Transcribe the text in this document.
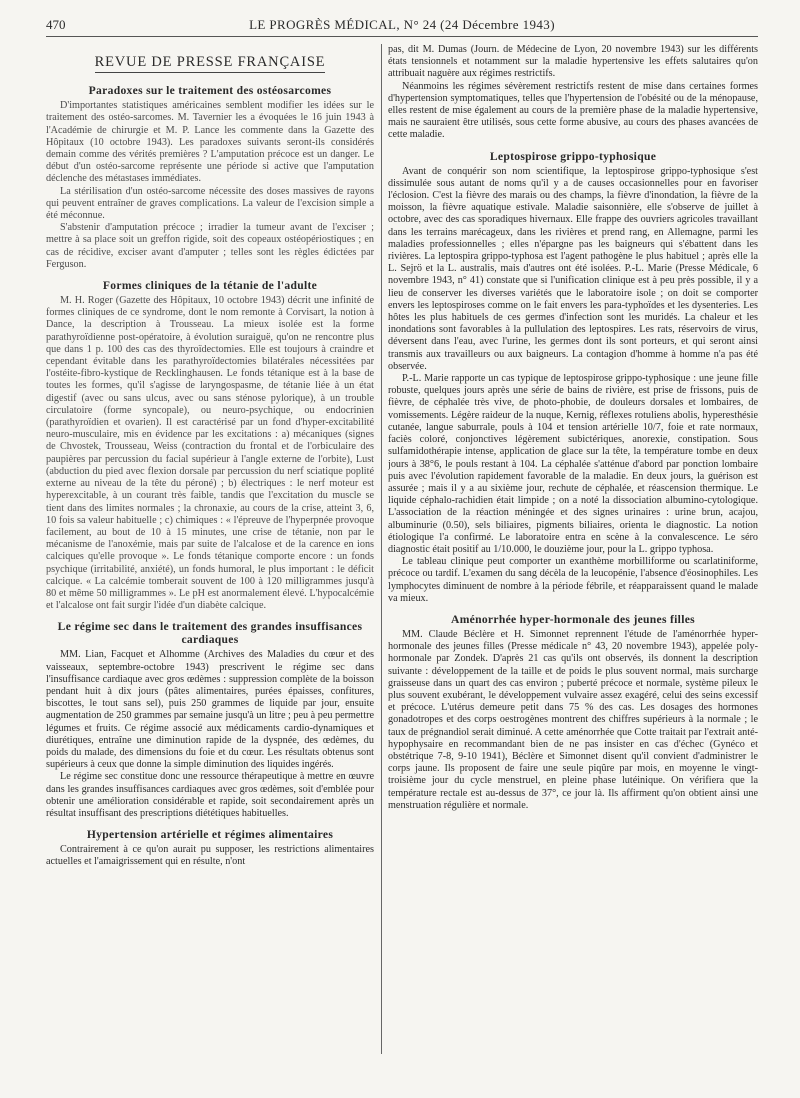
470	LE PROGRÈS MÉDICAL, N° 24 (24 Décembre 1943)
REVUE DE PRESSE FRANÇAISE
Paradoxes sur le traitement des ostéosarcomes

D'importantes statistiques américaines semblent modifier les idées sur le traitement des ostéo-sarcomes. M. Tavernier les a évoquées le 16 juin 1943 à l'Académie de chirurgie et M. P. Lance les commente dans la Gazette des Hôpitaux (10 octobre 1943). Les paradoxes suivants seront-ils considérés demain comme des vérités premières ? L'amputation précoce est un danger. Le début d'un ostéo-sarcome représente une période si active que l'amputation déclenche des métastases immédiates.

La stérilisation d'un ostéo-sarcome nécessite des doses massives de rayons qui peuvent entraîner de graves complications. La valeur de l'excision simple a été méconnue.

S'abstenir d'amputation précoce ; irradier la tumeur avant de l'exciser ; mettre à sa place soit un greffon rigide, soit des copeaux ostéopériostiques ; en cas de récidive, exciser avant d'amputer ; telles sont les règles édictées par Ferguson.

Formes cliniques de la tétanie de l'adulte

M. H. Roger (Gazette des Hôpitaux, 10 octobre 1943) décrit une infinité de formes cliniques de ce syndrome, dont le nom remonte à Corvisart, la notion à Dance, la description à Trousseau. La mieux isolée est la forme parathyroïdienne post-opératoire, à évolution suraiguë, qu'on ne rencontre plus que dans 1 p. 100 des cas des thyroïdectomies. Elle est toujours à craindre et cependant évitable dans les parathyroïdectomies bilatérales nécessitées par l'ostéite-fibro-kystique de Recklinghausen. Le fonds tétanique est à la base de toutes les formes, qu'il s'agisse de laryngospasme, de tétanie liée à un état digestif (avec ou sans ulcus, avec ou sans sténose pylorique), à un trouble circulatoire (forme syncopale), ou neuro-psychique, ou endocrinien (parathyroïdien et ovarien). Il est caractérisé par un fond d'hyper-excitabilité neuro-musculaire, mis en évidence par les excitations : a) mécaniques (signes de Chvostek, Trousseau, Weiss (contraction du frontal et de l'orbiculaire des paupières par percussion du facial supérieur à l'angle externe de l'orbite), Lust (abduction du pied avec flexion dorsale par percussion du nerf sciatique poplité externe au niveau de la tête du péroné) ; b) électriques : le nerf moteur est hyperexcitable, à un courant très faible, tandis que l'excitation du muscle se tient dans des limites normales ; la chronaxie, au cours de la crise, atteint 3, 6, 10 fois sa valeur habituelle ; c) chimiques : « l'épreuve de l'hyperpnée provoque facilement, au bout de 10 à 15 minutes, une crise de tétanie, non par le mécanisme de l'anoxémie, mais par suite de l'alcalose et de la carence en ions calciques qu'elle provoque ». Le fonds tétanique comporte encore : un fonds psychique (irritabilité, anxiété), un fonds humoral, le plus important : le déficit calcique. « La calcémie tomberait souvent de 100 à 120 milligrammes jusqu'à 80 et même 50 milligrammes ». Le pH est anormalement élevé. L'hypocalcémie et l'alcalose ont fait surgir l'idée d'un diabète calcique.

Le régime sec dans le traitement des grandes insuffisances cardiaques

MM. Lian, Facquet et Alhomme (Archives des Maladies du cœur et des vaisseaux, septembre-octobre 1943) prescrivent le régime sec dans l'insuffisance cardiaque avec gros œdèmes : suppression complète de la boisson pendant huit à dix jours (pâtes alimentaires, purées épaisses, confitures, biscottes, le tout sans sel), puis 250 grammes de liquide par jour, ensuite augmentation de 250 grammes par semaine jusqu'à un litre ; peu à peu permettre légumes et fruits. Ce régime associé aux médicaments cardio-dynamiques et diurétiques, entraîne une diminution rapide de la dyspnée, des œdèmes, du poids du malade, des dimensions du foie et du cœur. Les résultats obtenus sont supérieurs à ceux que donne la simple diminution des liquides ingérés.

Le régime sec constitue donc une ressource thérapeutique à mettre en œuvre dans les grandes insuffisances cardiaques avec gros œdèmes, soit d'emblée pour obtenir une amélioration considérable et rapide, soit secondairement après un résultat insuffisant des prescriptions diététiques habituelles.

Hypertension artérielle et régimes alimentaires

Contrairement à ce qu'on aurait pu supposer, les restrictions alimentaires actuelles et l'amaigrissement qui en résulte, n'ont

pas, dit M. Dumas (Journ. de Médecine de Lyon, 20 novembre 1943) sur les différents états tensionnels et notamment sur la maladie hypertensive les effets salutaires qu'on attribuait naguère aux régimes restrictifs.

Néanmoins les régimes sévèrement restrictifs restent de mise dans certaines formes d'hypertension symptomatiques, telles que l'hypertension de l'obésité ou de la ménopause, elles restent de mise également au cours de la première phase de la maladie hypertensive, mais ne sauraient être utilisés, sous cette forme abusive, au cours des phases avancées de cette maladie.

Leptospirose grippo-typhosique

Avant de conquérir son nom scientifique, la leptospirose grippo-typhosique s'est dissimulée sous autant de noms qu'il y a de causes occasionnelles pour en favoriser l'éclosion. C'est la fièvre des marais ou des champs, la fièvre d'inondation, la fièvre de la moisson, la fièvre aquatique estivale. Maladie saisonnière, elle s'observe de juillet à octobre, avec des cas sporadiques hivernaux. Elle frappe des ouvriers agricoles travaillant dans les terrains marécageux, dans les rivières et prend rang, en Allemagne, parmi les maladies professionnelles ; elles n'épargne pas les baigneurs qui s'ébattent dans les rivières. La leptospira grippo-typhosa est l'agent pathogène le plus habituel ; après elle la L. Sejrö et la L. australis, mais d'autres ont été isolées. P.-L. Marie (Presse Médicale, 6 novembre 1943, n° 41) constate que si l'unification clinique est à peu près possible, il y a lieu de conserver les diverses variétés que le laboratoire isole ; on doit se comporter envers les leptospiroses comme on le fait envers les para-typhoïdes et les dysenteries. Les hôtes les plus habituels de ces germes d'infection sont les muridés. La chaleur et les inondations sont favorables à la pullulation des leptospires. Les rats, réservoirs de virus, déversent dans l'eau, avec l'urine, les germes dont ils sont porteurs, et qui seront ainsi transmis aux travailleurs ou aux baigneurs. La contagion d'homme à homme n'a pas été observée.

P.-L. Marie rapporte un cas typique de leptospirose grippo-typhosique : une jeune fille robuste, quelques jours après une série de bains de rivière, est prise de frissons, puis de fièvre, de céphalée très vive, de photo-phobie, de douleurs dorsales et lombaires, de vomissements. Légère raideur de la nuque, Kernig, réflexes rotuliens abolis, hyperesthésie cutanée, langue saburrale, pouls à 104 et tension artérielle 10/7, foie et rate normaux, faciès coloré, conjonctives légèrement subictériques, anorexie, constipation. Sous sulfamidothérapie intense, application de glace sur la tête, la température tombe en deux jours à 38°6, le pouls restant à 104. La céphalée s'atténue d'abord par ponction lombaire puis avec l'évolution rapidement favorable de la maladie. En deux jours, la guérison est assurée ; mais il y a au sixième jour, rechute de céphalée, et réascension thermique. Le liquide céphalo-rachidien était limpide ; on a noté la dissociation albumino-cytologique. L'association de la réaction méningée et des signes urinaires : urine brun, acajou, albuminurie (0.50), sels biliaires, pigments biliaires, orienta le diagnostic. La notion étiologique l'a confirmé. Le laboratoire entra en scène à la convalescence. Le séro diagnostic était positif au 1/10.000, le douzième jour, pour la L. grippo typhosa.

Le tableau clinique peut comporter un exanthème morbilliforme ou scarlatiniforme, précoce ou tardif. L'examen du sang décèla de la leucopénie, l'absence d'éosinophiles. Les lymphocytes diminuent de nombre à la période fébrile, et réapparaissent quand le malade va mieux.

Aménorrhée hyper-hormonale des jeunes filles

MM. Claude Béclère et H. Simonnet reprennent l'étude de l'aménorrhée hyper-hormonale des jeunes filles (Presse médicale n° 43, 20 novembre 1943), appelée poly-hormonale par Zondek. D'après 21 cas qu'ils ont observés, ils donnent la description suivante : développement de la taille et de poids le plus souvent normal, mais surcharge graisseuse dans un quart des cas environ ; puberté précoce et normale, système pileux le plus souvent exubérant, le développement vulvaire assez exagéré, celui des seins excessif et précoce. L'utérus demeure petit dans 75 % des cas. Les dosages des hormones gonadotropes et des corps oestrogènes montrent des chiffres supérieurs à la normale ; le taux de prégnandiol serait diminué. A cette aménorrhée que Cotte traitait par l'extrait anté-hypophysaire en recommandant bien de ne pas insister en cas d'échec (Gynéco et obstétrique 7-8, 9-10 1941), Béclère et Simonnet disent qu'il convient d'administrer le corps jaune. Ils proposent de faire une seule piqûre par mois, en moyenne le vingt-troisième jour du cycle menstruel, en pleine phase lutéinique. On vérifiera que la température rectale est au-dessus de 37°, ce jour là. Ils affirment qu'on obtient ainsi une menstruation régulière et normale.
